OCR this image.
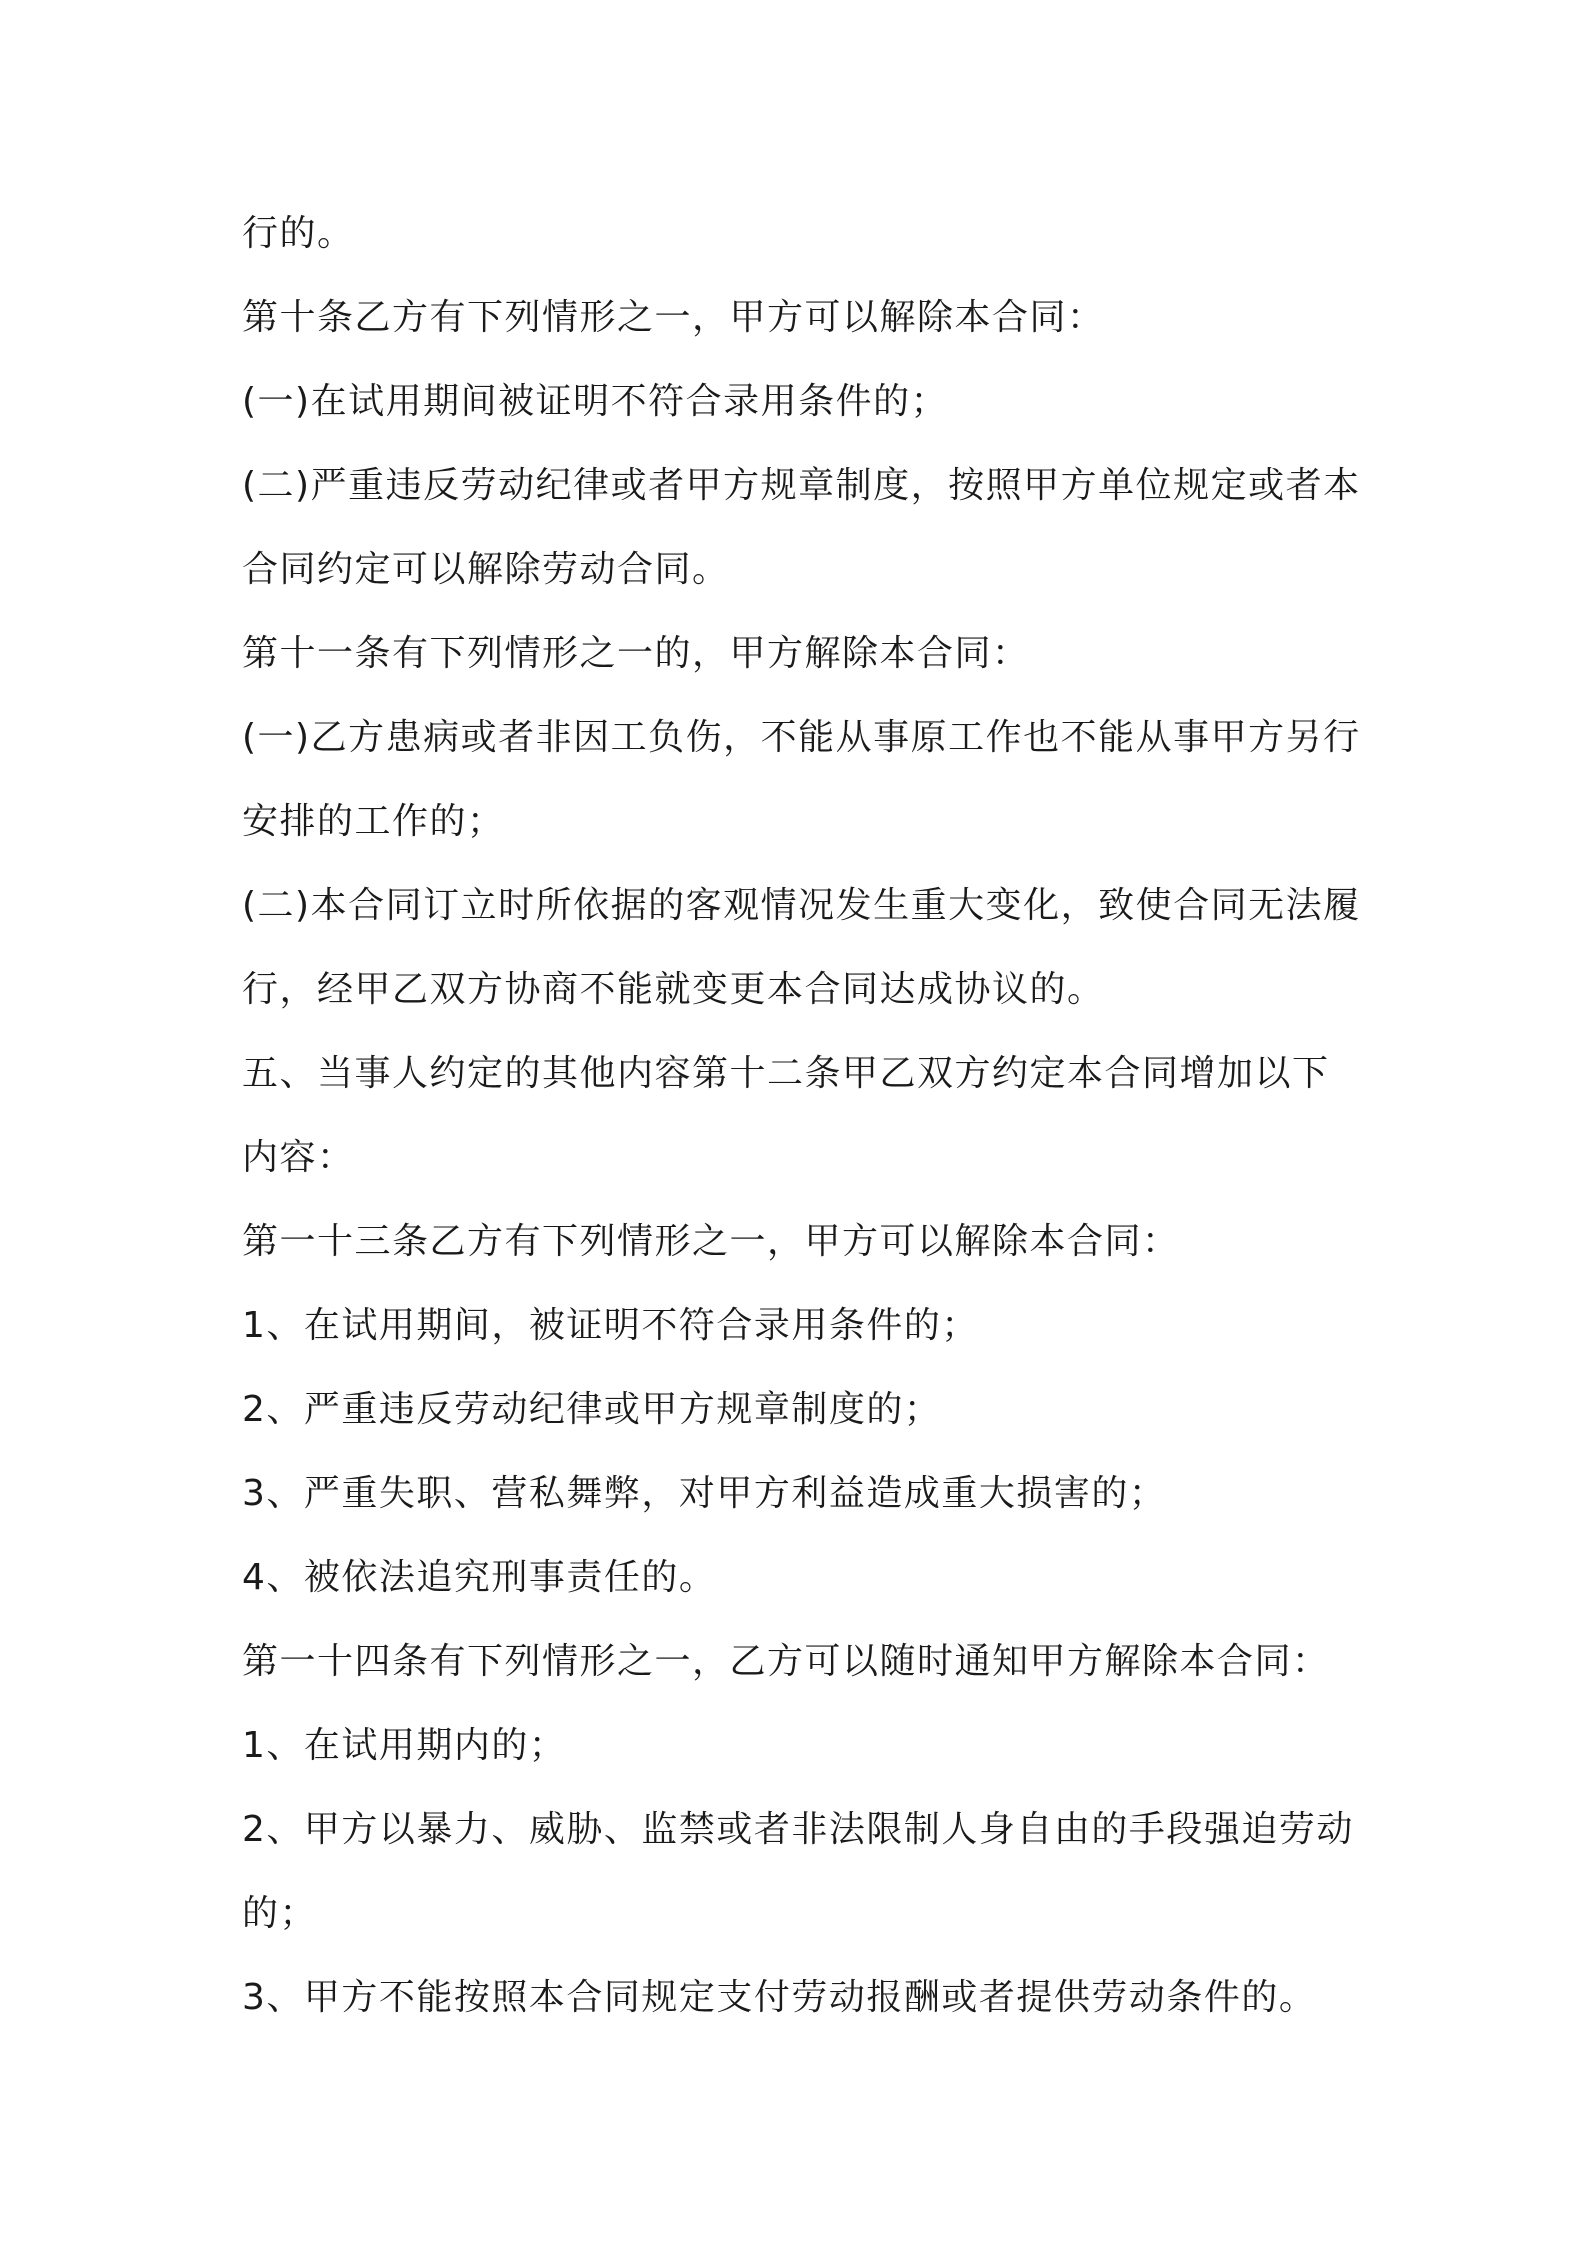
行的。

第十条乙方有下列情形之一，甲方可以解除本合同：

(一)在试用期间被证明不符合录用条件的；

(二)严重违反劳动纪律或者甲方规章制度，按照甲方单位规定或者本合同约定可以解除劳动合同。

第十一条有下列情形之一的，甲方解除本合同：

(一)乙方患病或者非因工负伤，不能从事原工作也不能从事甲方另行安排的工作的；

(二)本合同订立时所依据的客观情况发生重大变化，致使合同无法履行，经甲乙双方协商不能就变更本合同达成协议的。

五、当事人约定的其他内容第十二条甲乙双方约定本合同增加以下内容：

第一十三条乙方有下列情形之一，甲方可以解除本合同：

1、在试用期间，被证明不符合录用条件的；

2、严重违反劳动纪律或甲方规章制度的；

3、严重失职、营私舞弊，对甲方利益造成重大损害的；

4、被依法追究刑事责任的。

第一十四条有下列情形之一，乙方可以随时通知甲方解除本合同：

1、在试用期内的；

2、甲方以暴力、威胁、监禁或者非法限制人身自由的手段强迫劳动的；

3、甲方不能按照本合同规定支付劳动报酬或者提供劳动条件的。
